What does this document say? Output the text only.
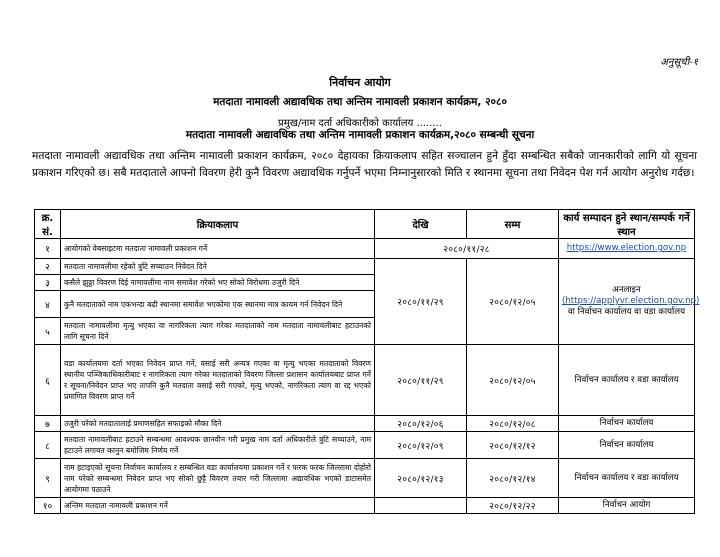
अनुसूची-१
निर्वाचन आयोग
मतदाता नामावली अद्यावधिक तथा अन्तिम नामावली प्रकाशन कार्यक्रम, २०८०
प्रमुख/नाम दर्ता अधिकारीको कार्यालय ........
मतदाता नामावली अद्यावधिक तथा अन्तिम नामावली प्रकाशन कार्यक्रम,२०८० सम्बन्धी सूचना
मतदाता नामावली अद्यावधिक तथा अन्तिम नामावली प्रकाशन कार्यक्रम, २०८० देहायका क्रियाकलाप सहित सञ्चालन हुने हुँदा सम्बन्धित सबैको जानकारीको लागि यो सूचना प्रकाशन गरिएको छ। सबै मतदाताले आफ्नो विवरण हेरी कुनै विवरण अद्यावधिक गर्नुपर्ने भएमा निम्नानुसारको मिति र स्थानमा सूचना तथा निवेदन पेश गर्न आयोग अनुरोध गर्दछ।
क्र. सं.	क्रियाकलाप	देखि	सम्म	कार्य सम्पादन हुने स्थान/सम्पर्क गर्ने स्थान
१	आयोगको वेबसाइटमा मतदाता नामावली प्रकाशन गर्ने	२०८०/११/२८		https://www.election.gov.np
२	मतदाता नामावलीमा रहेको त्रुटि सच्याउन निवेदन दिने	२०८०/११/२९	२०८०/१२/०५	अनलाइन
(https://applyvr.election.gov.np)
वा निर्वाचन कार्यालय वा वडा कार्यालय

३	कसैले झुठ्ठा विवरण दिई नामावलीमा नाम समावेश गरेको भए सोको विरोधमा उजुरी दिने			
४	कुनै मतदाताको नाम एकभन्दा बढी स्थानमा समावेश भएकोमा एक स्थानमा मात्र कायम गर्न निवेदन दिने			
५	मतदाता नामावलीमा मृत्यु भएका वा नागरिकता त्याग गरेका मतदाताको नाम मतदाता नामावलीबाट हटाउनको लागि सूचना दिने			
६	वडा कार्यालयमा दर्ता भएका निवेदन प्राप्त गर्ने, वसाई सरी अन्यत्र गएका वा मृत्यु भएका मतदाताको विवरण स्थानीय पञ्जिकाधिकारीबाट र नागरिकता त्याग गरेका मतदाताको विवरण जिल्ला प्रशासन कार्यालयबाट प्राप्त गर्ने र सूचना/निवेदन प्राप्त भए तापनि कुनै मतदाता वसाई सरी गएको, मृत्यु भएको, नागरिकता त्याग वा रद्द भएको प्रमाणित विवरण प्राप्त गर्ने	२०८०/११/२९	२०८०/१२/०५	निर्वाचन कार्यालय र वडा कार्यालय
७	उजुरी परेको मतदातालाई प्रमाणसहित सफाइको मौका दिने	२०८०/१२/०६	२०८०/१२/०८	निर्वाचन कार्यालय
८	मतदाता नामावलीबाट हटाउने सम्बन्धमा आवश्यक छानवीन गरी प्रमुख नाम दर्ता अधिकारीले त्रुटि सच्याउने, नाम हटाउने लगायत कानुन बमोजिम निर्णय गर्ने	२०८०/१२/०९	२०८०/१२/१२	निर्वाचन कार्यालय
९	नाम हटाइएको सूचना निर्वाचन कार्यालय र सम्बन्धित वडा कार्यालयमा प्रकाशन गर्ने र फरक फरक जिल्लामा दोहोरो नाम परेको सम्बन्धमा निवेदन प्राप्त भए सोको छुट्टै विवरण तयार गरी जिल्लामा अद्यावधिक भएको डाटासमेत आयोगमा पठाउने	२०८०/१२/१३	२०८०/१२/१४	निर्वाचन कार्यालय र वडा कार्यालय
१०	अन्तिम मतदाता नामावली प्रकाशन गर्ने		२०८०/१२/२२	निर्वाचन आयोग
